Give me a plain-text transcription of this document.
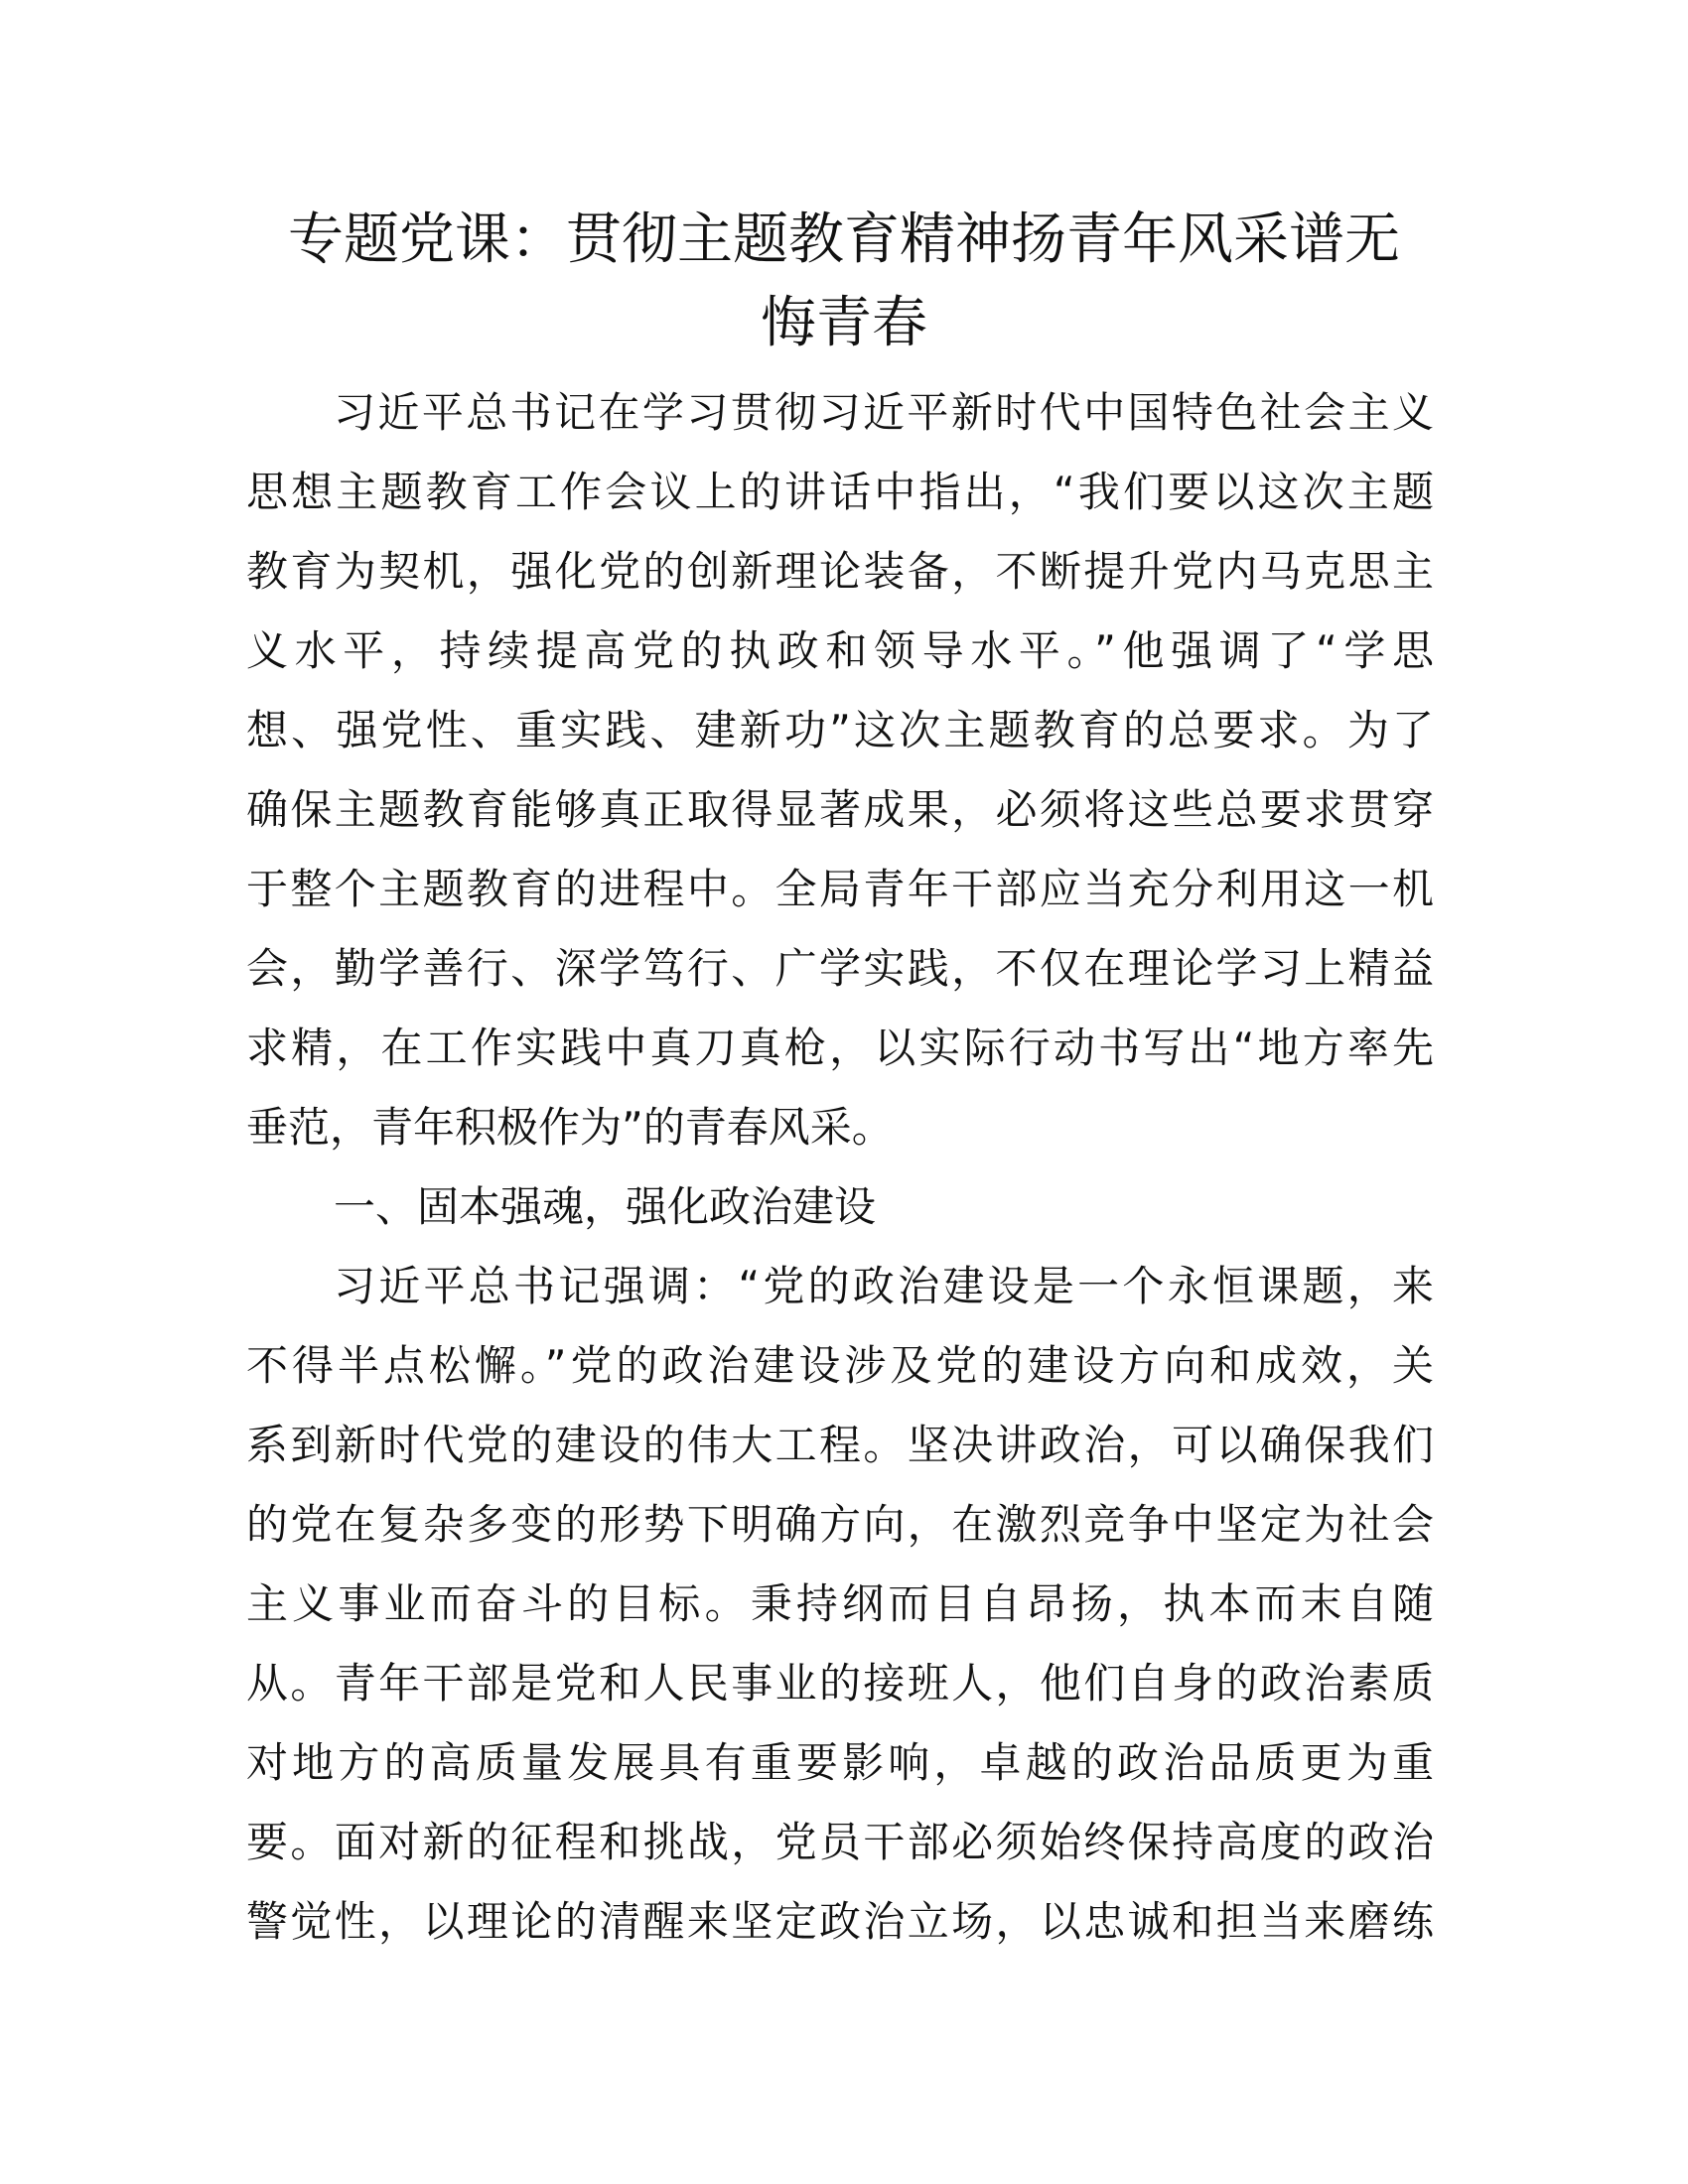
专题党课：贯彻主题教育精神扬青年风采谱无
悔青春
习近平总书记在学习贯彻习近平新时代中国特色社会主义
思想主题教育工作会议上的讲话中指出，“我们要以这次主题
教育为契机，强化党的创新理论装备，不断提升党内马克思主
义水平，持续提高党的执政和领导水平。”他强调了“学思
想、强党性、重实践、建新功”这次主题教育的总要求。为了
确保主题教育能够真正取得显著成果，必须将这些总要求贯穿
于整个主题教育的进程中。全局青年干部应当充分利用这一机
会，勤学善行、深学笃行、广学实践，不仅在理论学习上精益
求精，在工作实践中真刀真枪，以实际行动书写出“地方率先
垂范，青年积极作为”的青春风采。
一、固本强魂，强化政治建设
习近平总书记强调：“党的政治建设是一个永恒课题，来
不得半点松懈。”党的政治建设涉及党的建设方向和成效，关
系到新时代党的建设的伟大工程。坚决讲政治，可以确保我们
的党在复杂多变的形势下明确方向，在激烈竞争中坚定为社会
主义事业而奋斗的目标。秉持纲而目自昂扬，执本而末自随
从。青年干部是党和人民事业的接班人，他们自身的政治素质
对地方的高质量发展具有重要影响，卓越的政治品质更为重
要。面对新的征程和挑战，党员干部必须始终保持高度的政治
警觉性，以理论的清醒来坚定政治立场，以忠诚和担当来磨练
